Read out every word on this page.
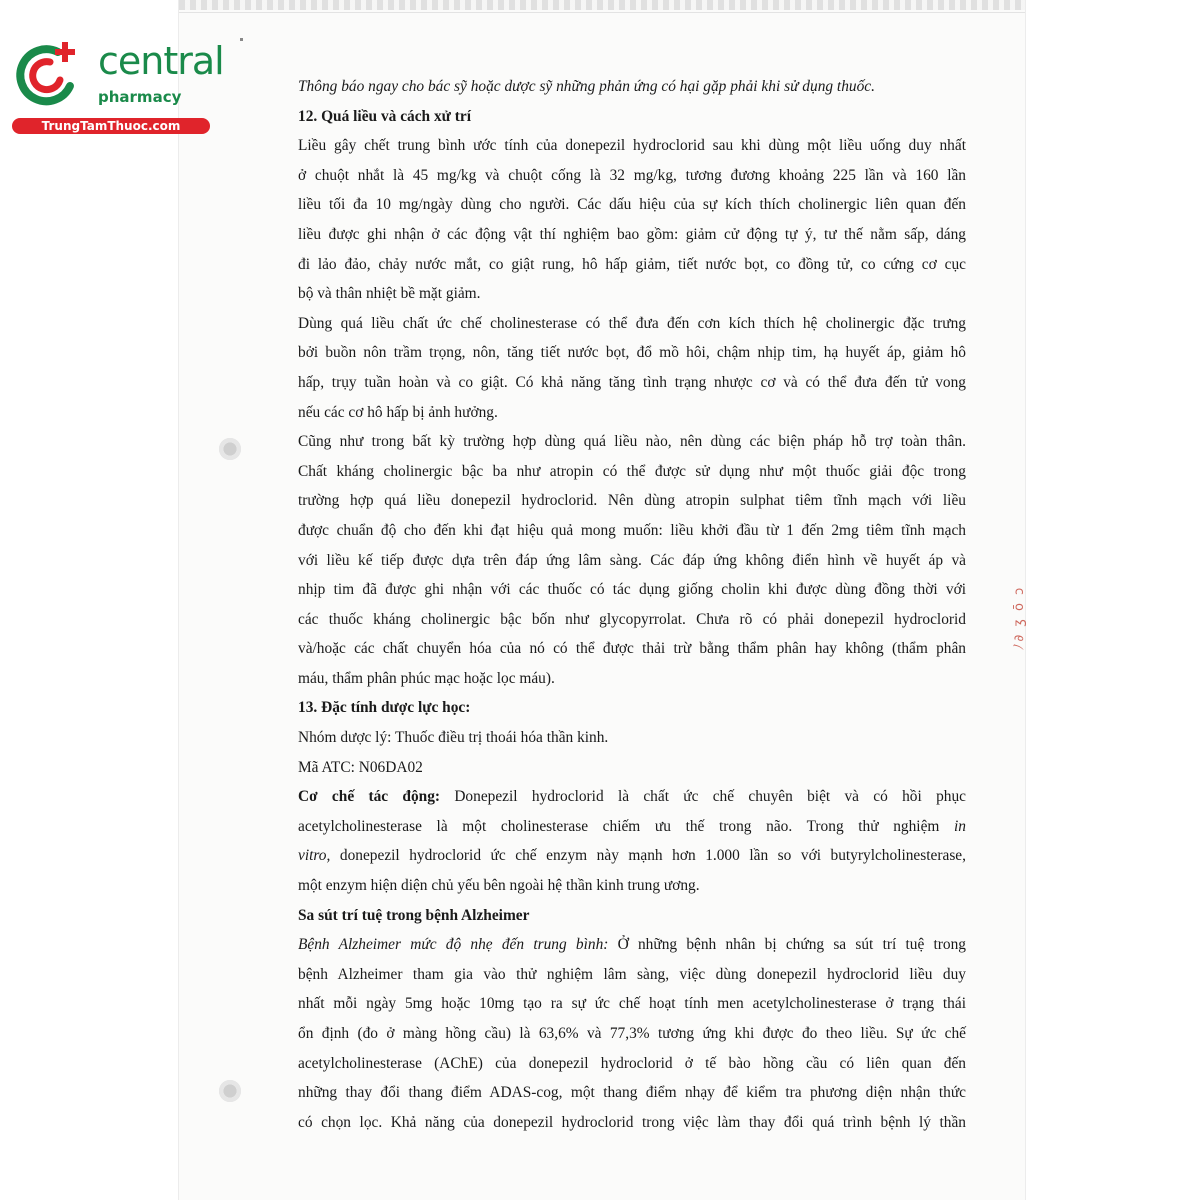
ﾉ∂ ʒ ō ɔ
central
pharmacy
TrungTamThuoc.com
Thông báo ngay cho bác sỹ hoặc dược sỹ những phản ứng có hại gặp phải khi sử dụng thuốc.
12. Quá liều và cách xử trí
Liều gây chết trung bình ước tính của donepezil hydroclorid sau khi dùng một liều uống duy nhất
ở chuột nhắt là 45 mg/kg và chuột cống là 32 mg/kg, tương đương khoảng 225 lần và 160 lần
liều tối đa 10 mg/ngày dùng cho người. Các dấu hiệu của sự kích thích cholinergic liên quan đến
liều được ghi nhận ở các động vật thí nghiệm bao gồm: giảm cử động tự ý, tư thế nằm sấp, dáng
đi lảo đảo, chảy nước mắt, co giật rung, hô hấp giảm, tiết nước bọt, co đồng tử, co cứng cơ cục
bộ và thân nhiệt bề mặt giảm.
Dùng quá liều chất ức chế cholinesterase có thể đưa đến cơn kích thích hệ cholinergic đặc trưng
bởi buồn nôn trầm trọng, nôn, tăng tiết nước bọt, đổ mồ hôi, chậm nhịp tim, hạ huyết áp, giảm hô
hấp, trụy tuần hoàn và co giật. Có khả năng tăng tình trạng nhược cơ và có thể đưa đến tử vong
nếu các cơ hô hấp bị ảnh hưởng.
Cũng như trong bất kỳ trường hợp dùng quá liều nào, nên dùng các biện pháp hỗ trợ toàn thân.
Chất kháng cholinergic bậc ba như atropin có thể được sử dụng như một thuốc giải độc trong
trường hợp quá liều donepezil hydroclorid. Nên dùng atropin sulphat tiêm tĩnh mạch với liều
được chuẩn độ cho đến khi đạt hiệu quả mong muốn: liều khởi đầu từ 1 đến 2mg tiêm tĩnh mạch
với liều kế tiếp được dựa trên đáp ứng lâm sàng. Các đáp ứng không điển hình về huyết áp và
nhịp tim đã được ghi nhận với các thuốc có tác dụng giống cholin khi được dùng đồng thời với
các thuốc kháng cholinergic bậc bốn như glycopyrrolat. Chưa rõ có phải donepezil hydroclorid
và/hoặc các chất chuyển hóa của nó có thể được thải trừ bằng thẩm phân hay không (thẩm phân
máu, thẩm phân phúc mạc hoặc lọc máu).
13. Đặc tính dược lực học:
Nhóm dược lý: Thuốc điều trị thoái hóa thần kinh.
Mã ATC: N06DA02
Cơ chế tác động: Donepezil hydroclorid là chất ức chế chuyên biệt và có hồi phục
acetylcholinesterase là một cholinesterase chiếm ưu thế trong não. Trong thử nghiệm in
vitro, donepezil hydroclorid ức chế enzym này mạnh hơn 1.000 lần so với butyrylcholinesterase,
một enzym hiện diện chủ yếu bên ngoài hệ thần kinh trung ương.
Sa sút trí tuệ trong bệnh Alzheimer
Bệnh Alzheimer mức độ nhẹ đến trung bình: Ở những bệnh nhân bị chứng sa sút trí tuệ trong
bệnh Alzheimer tham gia vào thử nghiệm lâm sàng, việc dùng donepezil hydroclorid liều duy
nhất mỗi ngày 5mg hoặc 10mg tạo ra sự ức chế hoạt tính men acetylcholinesterase ở trạng thái
ổn định (đo ở màng hồng cầu) là 63,6% và 77,3% tương ứng khi được đo theo liều. Sự ức chế
acetylcholinesterase (AChE) của donepezil hydroclorid ở tế bào hồng cầu có liên quan đến
những thay đổi thang điểm ADAS-cog, một thang điểm nhạy để kiểm tra phương diện nhận thức
có chọn lọc. Khả năng của donepezil hydroclorid trong việc làm thay đổi quá trình bệnh lý thần
